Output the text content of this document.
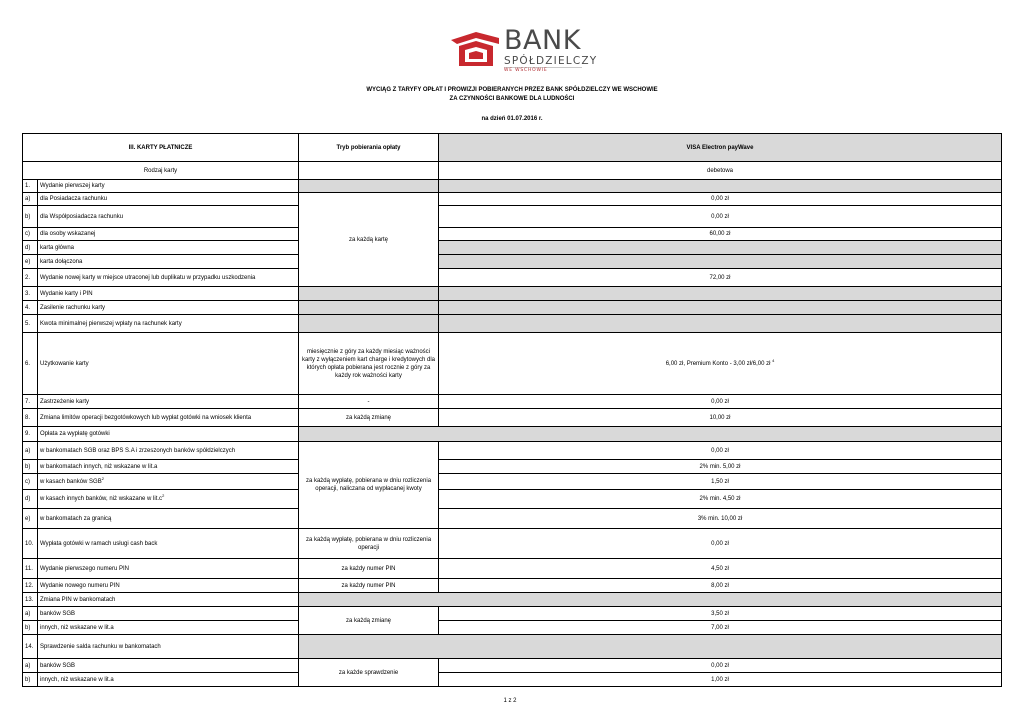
BANK
SPÓŁDZIELCZY
WE WSCHOWIE
WYCIĄG Z TARYFY OPŁAT I PROWIZJI POBIERANYCH PRZEZ BANK SPÓŁDZIELCZY WE WSCHOWIE
ZA CZYNNOŚCI BANKOWE DLA LUDNOŚCI
na dzień 01.07.2016 r.
III. KARTY PŁATNICZE		Tryb pobierania opłaty	VISA Electron payWave
Rodzaj karty			debetowa
1.	Wydanie pierwszej karty		
a)	dla Posiadacza rachunku	za każdą kartę	0,00 zł
b)	dla Współposiadacza rachunku		0,00 zł
c)	dla osoby wskazanej		60,00 zł
d)	karta główna		
e)	karta dołączona		
2.	Wydanie nowej karty w miejsce utraconej lub duplikatu w przypadku uszkodzenia		72,00 zł
3.	Wydanie karty i PIN		
4.	Zasilenie rachunku karty		
5.	Kwota minimalnej pierwszej wpłaty na rachunek karty		
6.	Użytkowanie karty	miesięcznie z góry za każdy miesiąc ważności karty z wyłączeniem kart charge i kredytowych dla których opłata pobierana jest rocznie z góry za każdy rok ważności karty	6,00 zł, Premium Konto - 3,00 zł/6,00 zł $^4$
7.	Zastrzeżenie karty	-	0,00 zł
8.	Zmiana limitów operacji bezgotówkowych lub wypłat gotówki na wniosek klienta	za każdą zmianę	10,00 zł
9.	Opłata za wypłatę gotówki		
a)	w bankomatach SGB oraz BPS S.A i zrzeszonych banków spółdzielczych	za każdą wypłatę, pobierana w dniu rozliczenia operacji, naliczana od wypłacanej kwoty	0,00 zł
b)	w bankomatach innych, niż wskazane w lit.a		2% min. 5,00 zł
c)	w kasach banków SGB$^2$		1,50 zł
d)	w kasach innych banków, niż wskazane w $lit.c^2$		2% min. 4,50 zł
e)	w bankomatach za granicą		3% min. 10,00 zł
10.	Wypłata gotówki w ramach usługi cash back	za każdą wypłatę, pobierana w dniu rozliczenia operacji	0,00 zł
11.	Wydanie pierwszego numeru PIN	za każdy numer PIN	4,50 zł
12.	Wydanie nowego numeru PIN	za każdy numer PIN	8,00 zł
13.	Zmiana PIN w bankomatach		
a)	banków SGB	za każdą zmianę	3,50 zł
b)	innych, niż wskazane w lit.a		7,00 zł
14.	Sprawdzenie salda rachunku w bankomatach		
a)	banków SGB	za każde sprawdzenie	0,00 zł
b)	innych, niż wskazane w lit.a		1,00 zł
1 z 2
